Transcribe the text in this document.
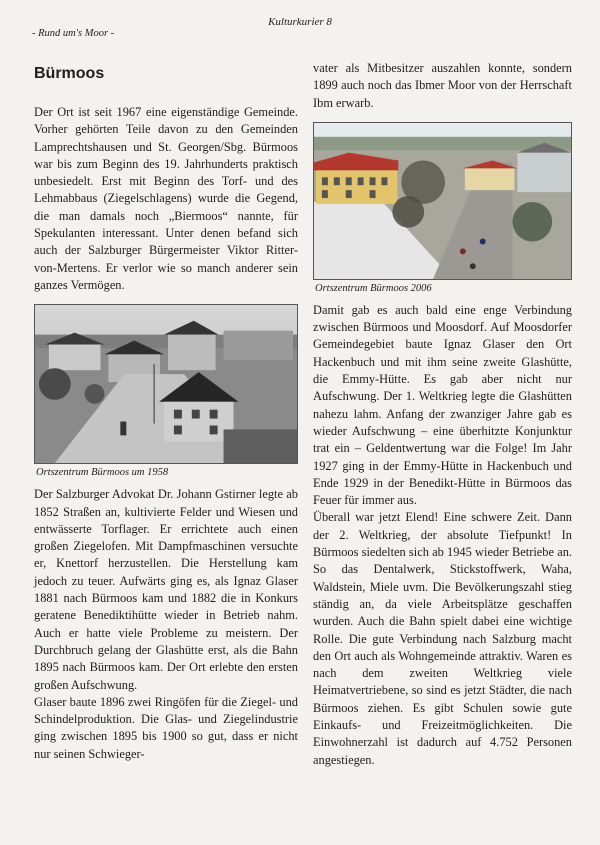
- Rund um's Moor -
Kulturkurier 8
Bürmoos

Der Ort ist seit 1967 eine eigenständige Gemeinde. Vorher gehörten Teile davon zu den Gemeinden Lamprechtshausen und St. Georgen/Sbg. Bürmoos war bis zum Beginn des 19. Jahrhunderts praktisch unbesiedelt. Erst mit Beginn des Torf- und des Lehmabbaus (Ziegelschlagens) wurde die Gegend, die man damals noch „Biermoos“ nannte, für Spekulanten interessant. Unter denen befand sich auch der Salzburger Bürgermeister Viktor Ritter-von-Mertens. Er verlor wie so manch anderer sein ganzes Vermögen.

Ortszentrum Bürmoos um 1958

Der Salzburger Advokat Dr. Johann Gstirner legte ab 1852 Straßen an, kultivierte Felder und Wiesen und entwässerte Torflager. Er errichtete auch einen großen Ziegelofen. Mit Dampfmaschinen versuchte er, Knettorf herzustellen. Die Herstellung kam jedoch zu teuer. Aufwärts ging es, als Ignaz Glaser 1881 nach Bürmoos kam und 1882 die in Konkurs geratene Benediktihütte wieder in Betrieb nahm. Auch er hatte viele Probleme zu meistern. Der Durchbruch gelang der Glashütte erst, als die Bahn 1895 nach Bürmoos kam. Der Ort erlebte den ersten großen Aufschwung.

Glaser baute 1896 zwei Ringöfen für die Ziegel- und Schindelproduktion. Die Glas- und Ziegelindustrie ging zwischen 1895 bis 1900 so gut, dass er nicht nur seinen Schwieger-

vater als Mitbesitzer auszahlen konnte, sondern 1899 auch noch das Ibmer Moor von der Herrschaft Ibm erwarb.

Ortszentrum Bürmoos 2006

Damit gab es auch bald eine enge Verbindung zwischen Bürmoos und Moosdorf. Auf Moosdorfer Gemeindegebiet baute Ignaz Glaser den Ort Hackenbuch und mit ihm seine zweite Glashütte, die Emmy-Hütte. Es gab aber nicht nur Aufschwung. Der 1. Weltkrieg legte die Glashütten nahezu lahm. Anfang der zwanziger Jahre gab es wieder Aufschwung – eine überhitzte Konjunktur trat ein – Geldentwertung war die Folge! Im Jahr 1927 ging in der Emmy-Hütte in Hackenbuch und Ende 1929 in der Benedikt-Hütte in Bürmoos das Feuer für immer aus.

Überall war jetzt Elend! Eine schwere Zeit. Dann der 2. Weltkrieg, der absolute Tiefpunkt! In Bürmoos siedelten sich ab 1945 wieder Betriebe an. So das Dentalwerk, Stickstoffwerk, Waha, Waldstein, Miele uvm. Die Bevölkerungszahl stieg ständig an, da viele Arbeitsplätze geschaffen wurden. Auch die Bahn spielt dabei eine wichtige Rolle. Die gute Verbindung nach Salzburg macht den Ort auch als Wohngemeinde attraktiv. Waren es nach dem zweiten Weltkrieg viele Heimatvertriebene, so sind es jetzt Städter, die nach Bürmoos ziehen. Es gibt Schulen sowie gute Einkaufs- und Freizeitmöglichkeiten. Die Einwohnerzahl ist dadurch auf 4.752 Personen angestiegen.
